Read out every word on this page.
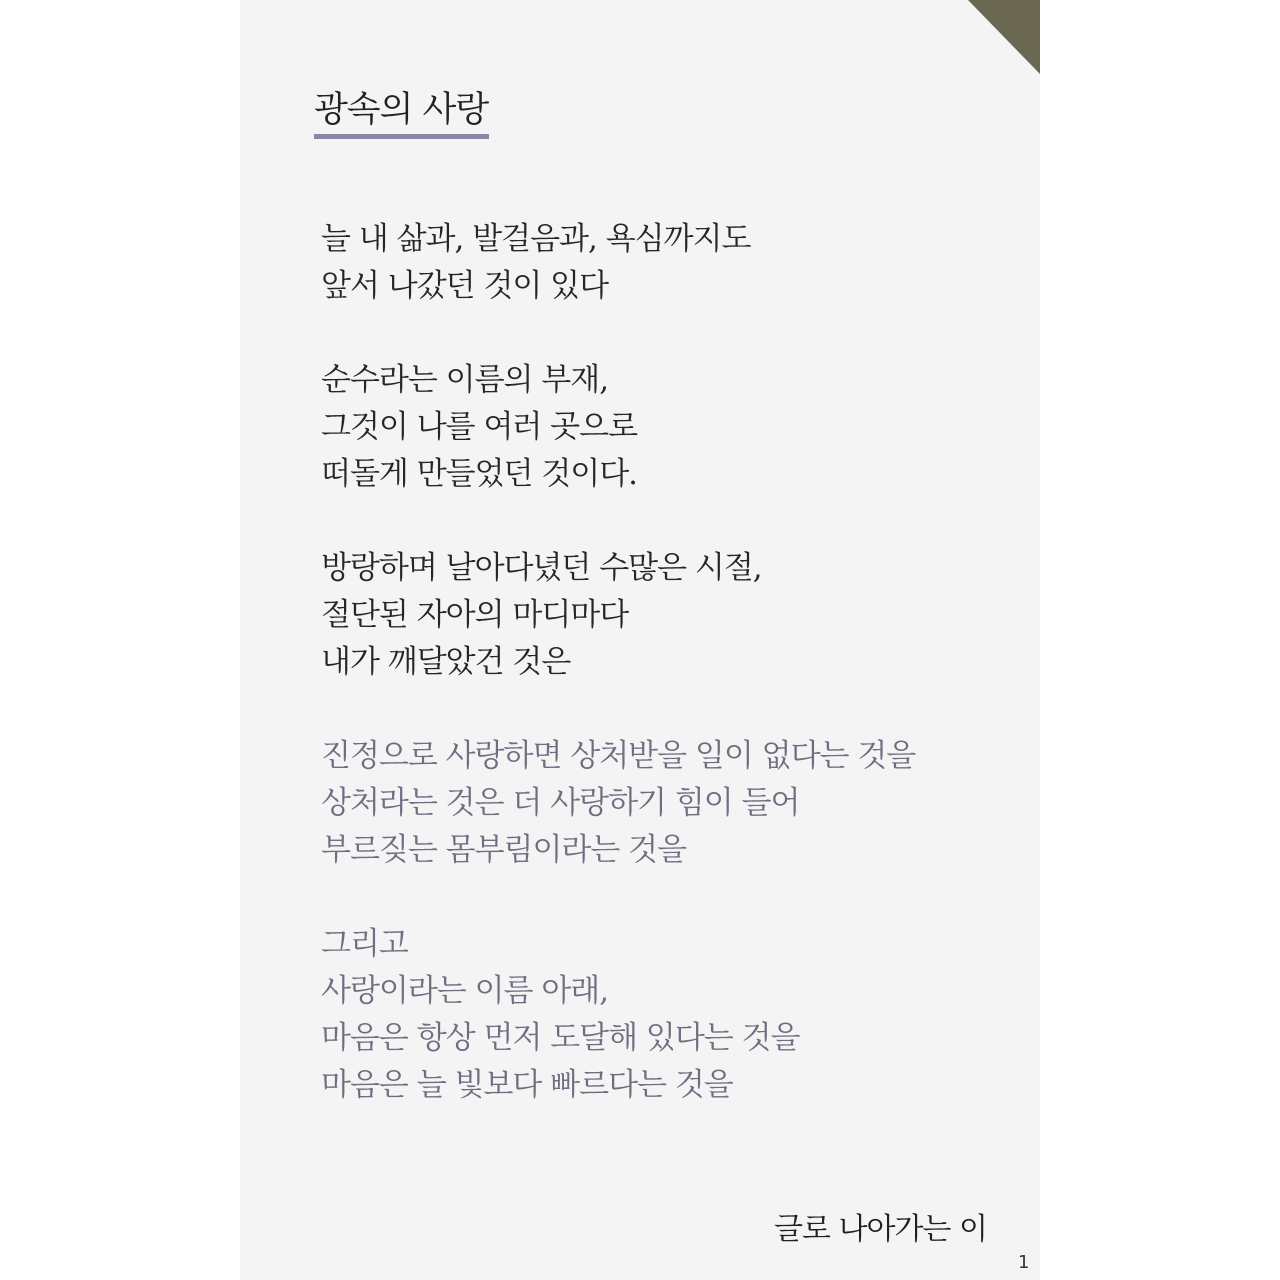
광속의 사랑
늘 내 삶과, 발걸음과, 욕심까지도
앞서 나갔던 것이 있다
순수라는 이름의 부재,
그것이 나를 여러 곳으로
떠돌게 만들었던 것이다.
방랑하며 날아다녔던 수많은 시절,
절단된 자아의 마디마다
내가 깨달았건 것은
진정으로 사랑하면 상처받을 일이 없다는 것을
상처라는 것은 더 사랑하기 힘이 들어
부르짖는 몸부림이라는 것을
그리고
사랑이라는 이름 아래,
마음은 항상 먼저 도달해 있다는 것을
마음은 늘 빛보다 빠르다는 것을
글로 나아가는 이
1
